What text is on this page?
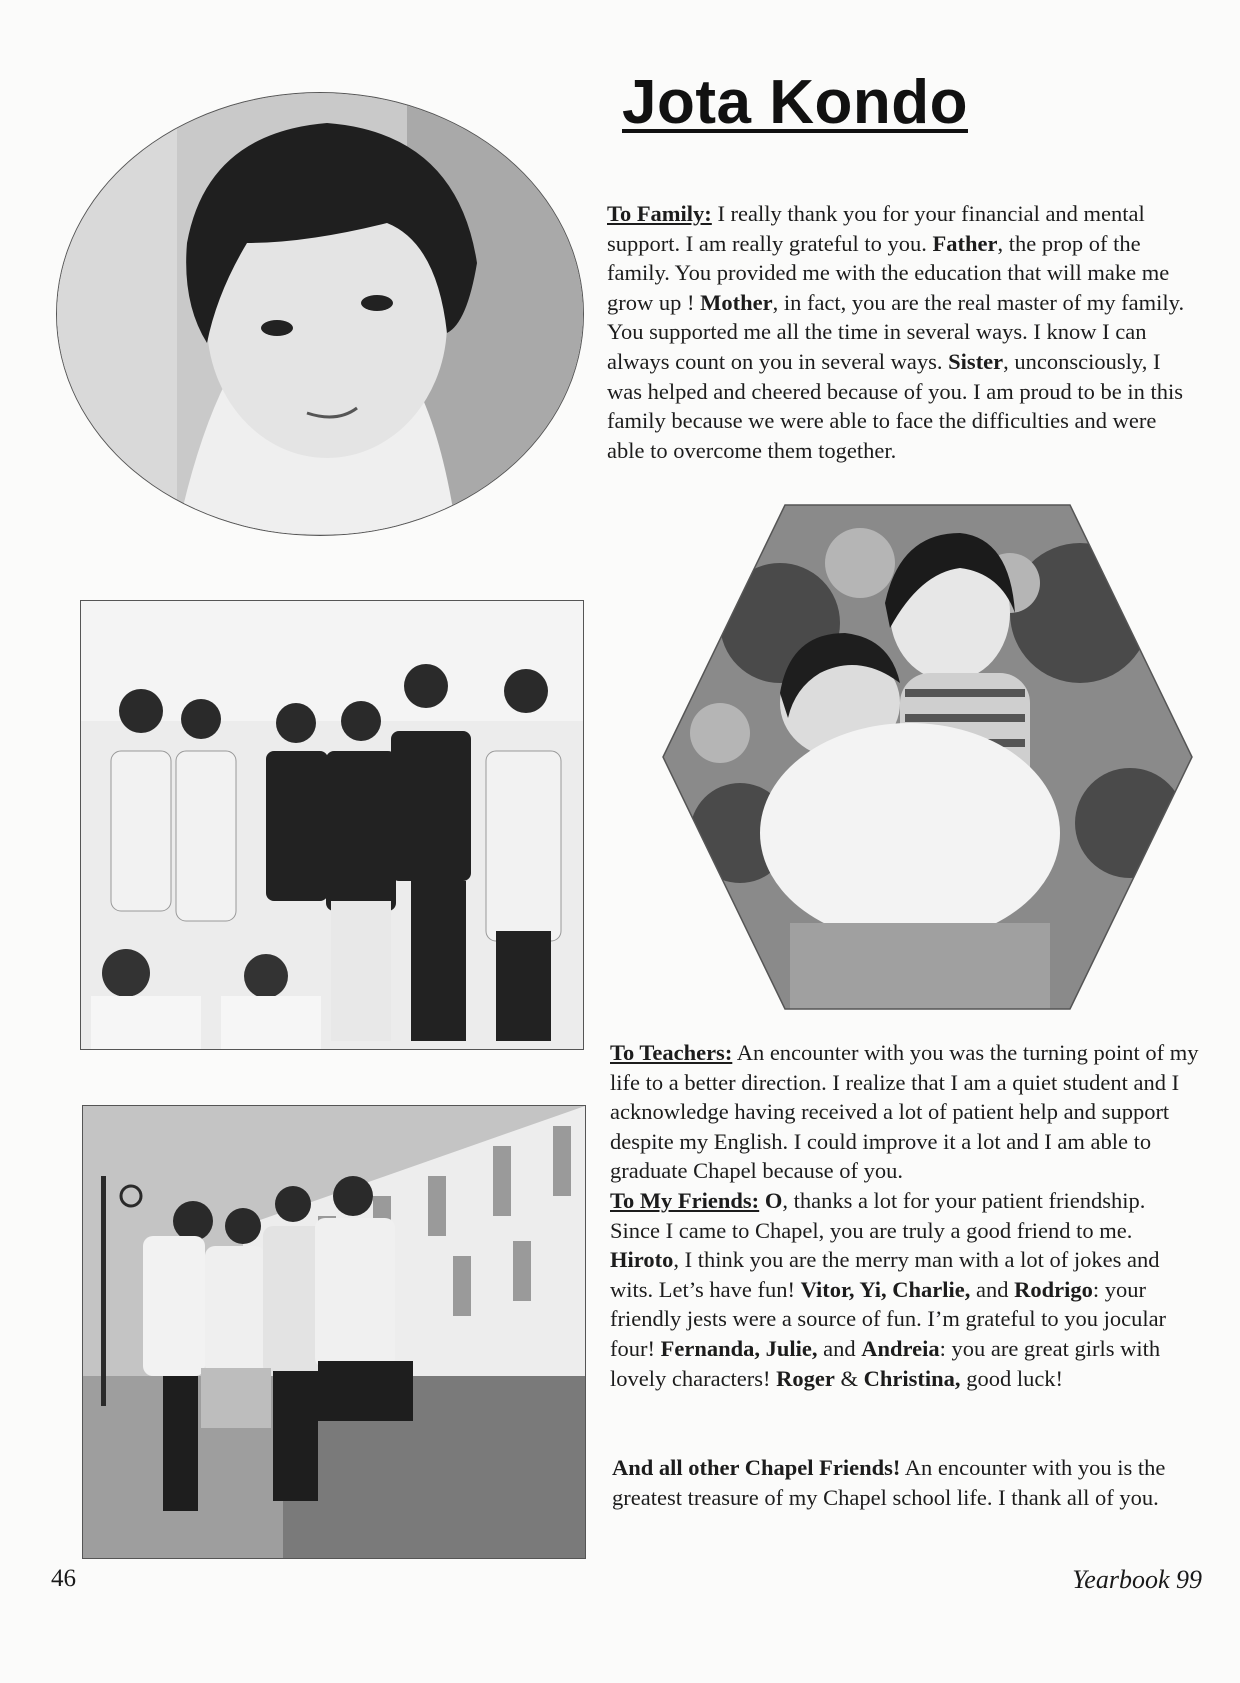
Jota Kondo
To Family: I really thank you for your financial and mental support. I am really grateful to you. Father, the prop of the family. You provided me with the education that will make me grow up ! Mother, in fact, you are the real master of my family. You supported me all the time in several ways. I know I can always count on you in several ways. Sister, unconsciously, I was helped and cheered because of you. I am proud to be in this family because we were able to face the difficulties and were able to overcome them together.
To Teachers: An encounter with you was the turning point of my life to a better direction. I realize that I am a quiet student and I acknowledge having received a lot of patient help and support despite my English. I could improve it a lot and I am able to graduate Chapel because of you.
To My Friends: O, thanks a lot for your patient friendship. Since I came to Chapel, you are truly a good friend to me. Hiroto, I think you are the merry man with a lot of jokes and wits. Let’s have fun! Vitor, Yi, Charlie, and Rodrigo: your friendly jests were a source of fun. I’m grateful to you jocular four! Fernanda, Julie, and Andreia: you are great girls with lovely characters! Roger & Christina, good luck!
And all other Chapel Friends! An encounter with you is the greatest treasure of my Chapel school life. I thank all of you.
46	Yearbook 99
